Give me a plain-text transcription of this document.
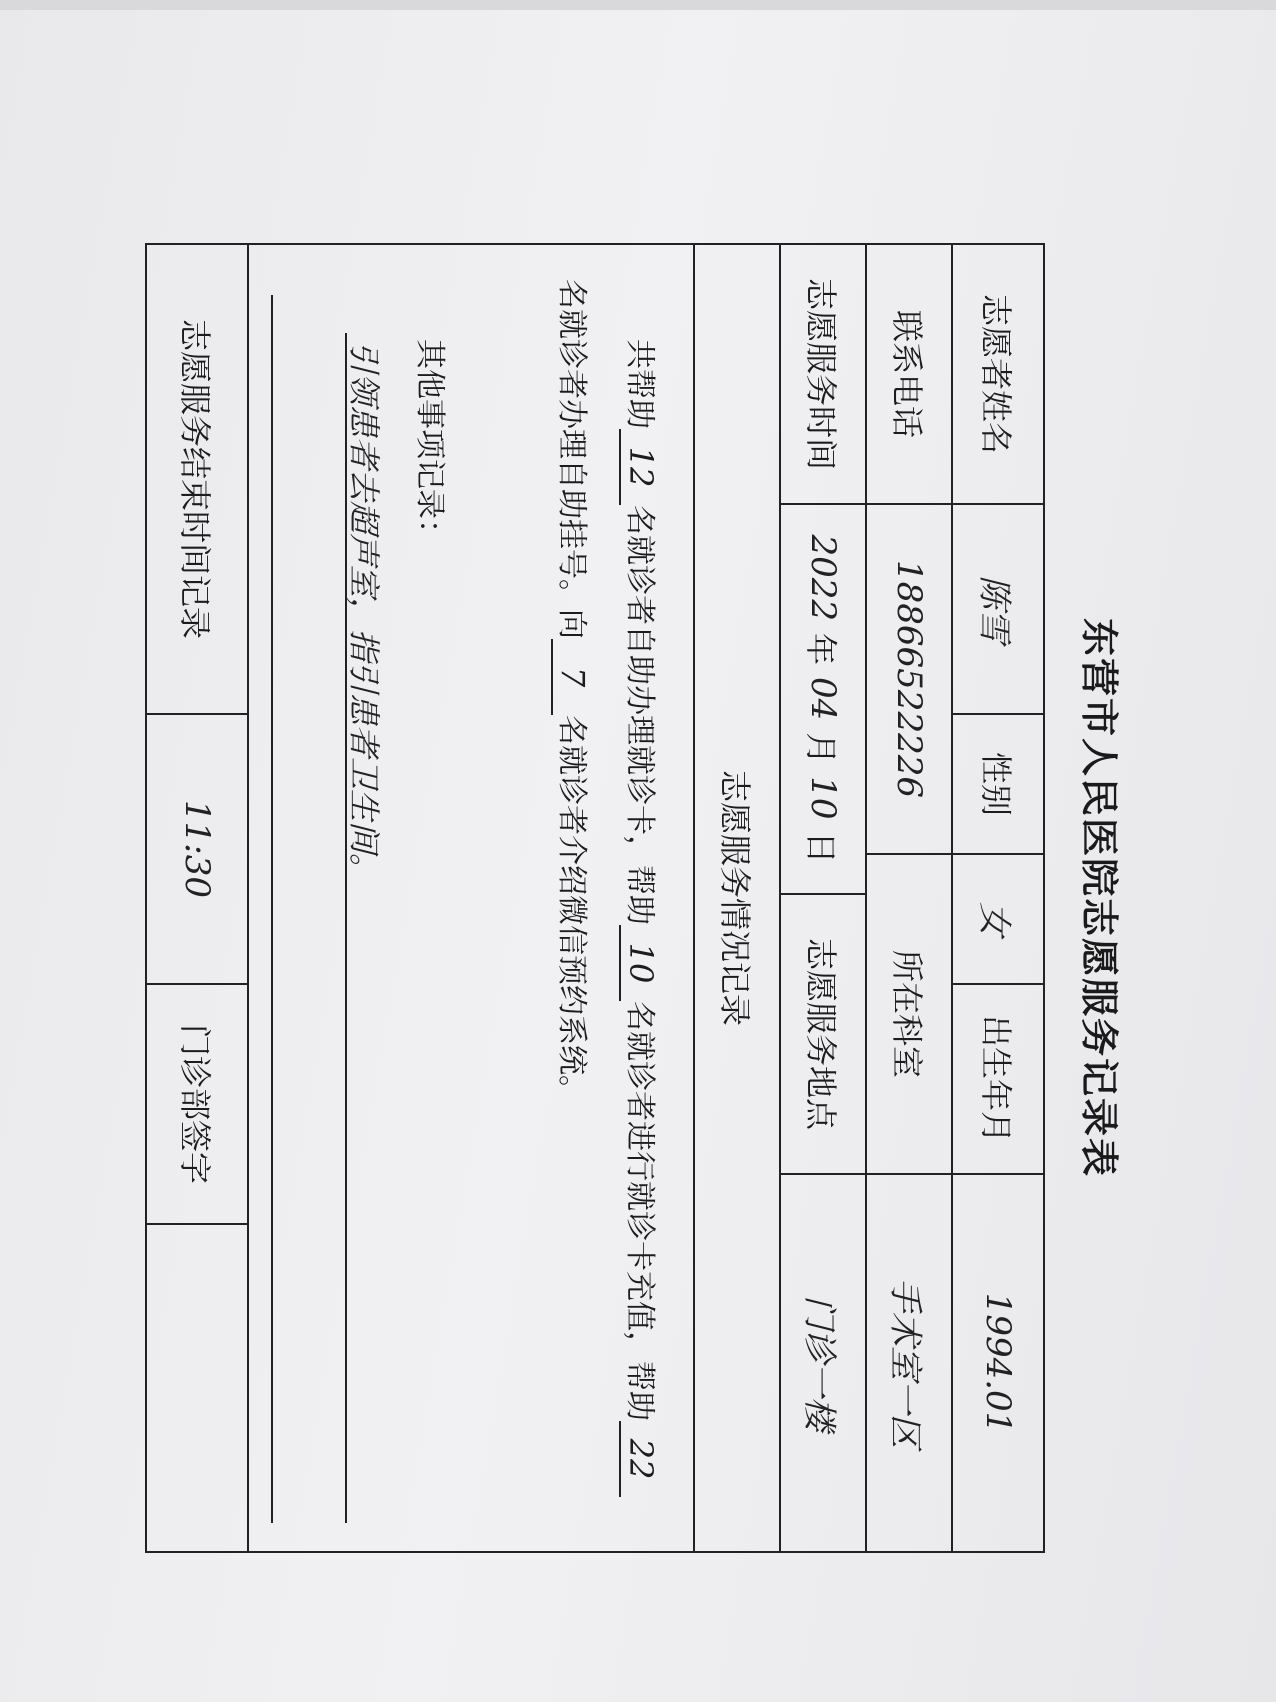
东营市人民医院志愿服务记录表
志愿者姓名
陈雪
性别
女
出生年月
1994.01
联系电话
18866522226
所在科室
手术室一区
志愿服务时间
2022
年
04
月
10
日
志愿服务地点
门诊一楼
志愿服务情况记录
共帮助12名就诊者自助办理就诊卡，帮助10名就诊者进行就诊卡充值，帮助22名就诊者办理自助挂号。向7名就诊者介绍微信预约系统。
其他事项记录：
引领患者去超声室，指引患者卫生间。
志愿服务结束时间记录
11:30
门诊部签字
